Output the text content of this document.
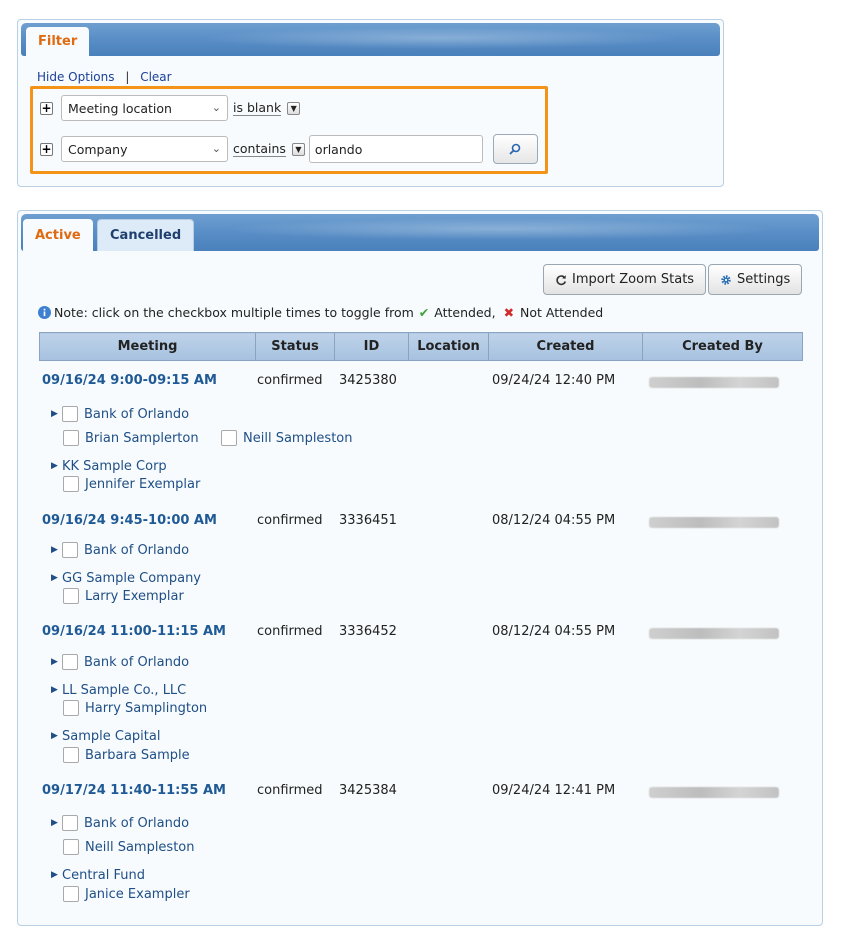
Filter
Hide Options | Clear
+ Meeting location	⌄ is blank	▼
+ Company	⌄ contains	▼ orlando
Active	Cancelled
Import Zoom Stats	Settings
Note: click on the checkbox multiple times to toggle from ✔ Attended, ✖ Not Attended
Meeting	Status	ID	Location	Created	Created By
09/16/24 9:00-09:15 AM	confirmed 3425380	09/24/24 12:40 PM
▶ Bank of Orlando
Brian Samplerton	Neill Sampleston
▶ KK Sample Corp
Jennifer Exemplar
09/16/24 9:45-10:00 AM	confirmed 3336451	08/12/24 04:55 PM
▶ Bank of Orlando
▶ GG Sample Company
Larry Exemplar
09/16/24 11:00-11:15 AM confirmed 3336452	08/12/24 04:55 PM
▶ Bank of Orlando
▶ LL Sample Co., LLC
Harry Samplington
▶ Sample Capital
Barbara Sample
09/17/24 11:40-11:55 AM confirmed 3425384	09/24/24 12:41 PM
▶ Bank of Orlando
Neill Sampleston
▶ Central Fund
Janice Exampler
